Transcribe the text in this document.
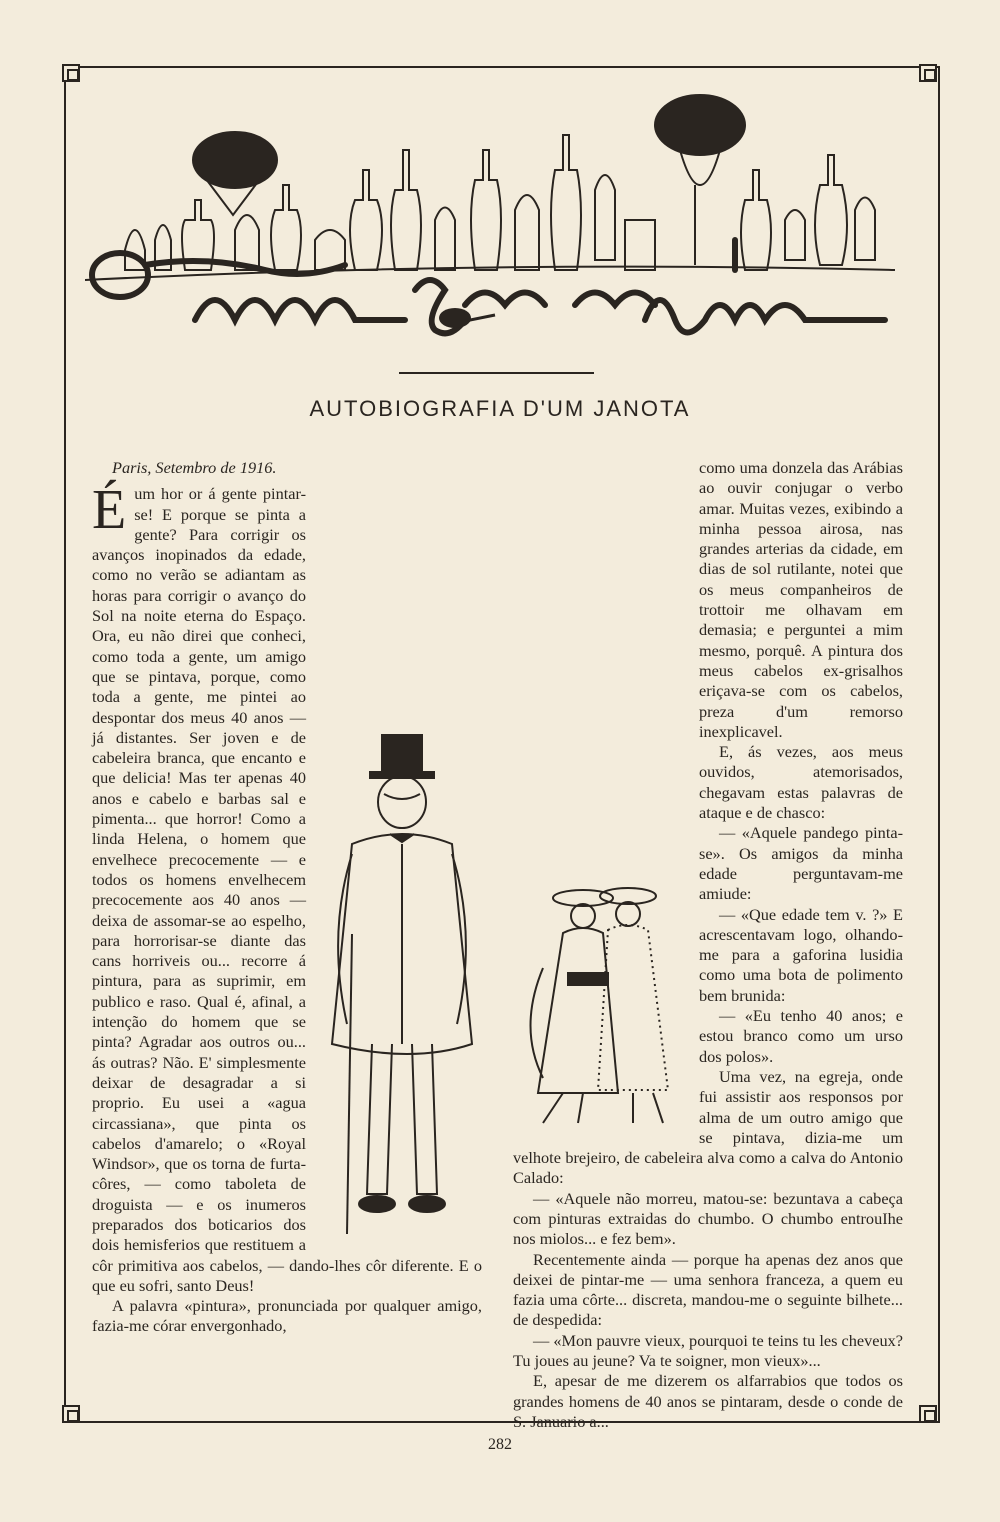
AUTOBIOGRAFIA D'UM JANOTA

Paris, Setembro de 1916.

Éum hor or á gente pintar-se! E porque se pinta a gente? Para corrigir os avanços inopinados da edade, como no verão se adiantam as horas para corrigir o avanço do Sol na noite eterna do Espaço. Ora, eu não direi que conheci, como toda a gente, um amigo que se pintava, porque, como toda a gente, me pintei ao despontar dos meus 40 anos — já distantes. Ser joven e de cabeleira branca, que encanto e que delicia! Mas ter apenas 40 anos e cabelo e barbas sal e pimenta... que horror! Como a linda Helena, o homem que envelhece precocemente — e todos os homens envelhecem precocemente aos 40 anos — deixa de assomar-se ao espelho, para horrorisar-se diante das cans horriveis ou... recorre á pintura, para as suprimir, em publico e raso. Qual é, afinal, a intenção do homem que se pinta? Agradar aos outros ou... ás outras? Não. E' simplesmente deixar de desagradar a si proprio. Eu usei a «agua circassiana», que pinta os cabelos d'amarelo; o «Royal Windsor», que os torna de furta-côres, — como taboleta de droguista — e os inumeros preparados dos boticarios dos dois hemisferios que restituem a côr primitiva aos cabelos, — dando-lhes côr diferente. E o que eu sofri, santo Deus!

A palavra «pintura», pronunciada por qualquer amigo, fazia-me córar envergonhado,

como uma donzela das Arábias ao ouvir conjugar o verbo amar. Muitas vezes, exibindo a minha pessoa airosa, nas grandes arterias da cidade, em dias de sol rutilante, notei que os meus companheiros de trottoir me olhavam em demasia; e perguntei a mim mesmo, porquê. A pintura dos meus cabelos ex-grisalhos eriçava-se com os cabelos, preza d'um remorso inexplicavel.

E, ás vezes, aos meus ouvidos, atemorisados, chegavam estas palavras de ataque e de chasco:

— «Aquele pandego pinta-se». Os amigos da minha edade perguntavam-me amiude:

— «Que edade tem v. ?» E acrescentavam logo, olhando-me para a gaforina lusidia como uma bota de polimento bem brunida:

— «Eu tenho 40 anos; e estou branco como um urso dos polos».

Uma vez, na egreja, onde fui assistir aos responsos por alma de um outro amigo que se pintava, dizia-me um velhote brejeiro, de cabeleira alva como a calva do Antonio Calado:

— «Aquele não morreu, matou-se: bezuntava a cabeça com pinturas extraidas do chumbo. O chumbo entrouIhe nos miolos... e fez bem».

Recentemente ainda — porque ha apenas dez anos que deixei de pintar-me — uma senhora franceza, a quem eu fazia uma côrte... discreta, mandou-me o seguinte bilhete... de despedida:

— «Mon pauvre vieux, pourquoi te teins tu les cheveux? Tu joues au jeune? Va te soigner, mon vieux»...

E, apesar de me dizerem os alfarrabios que todos os grandes homens de 40 anos se pintaram, desde o conde de S. Januario a...

282
